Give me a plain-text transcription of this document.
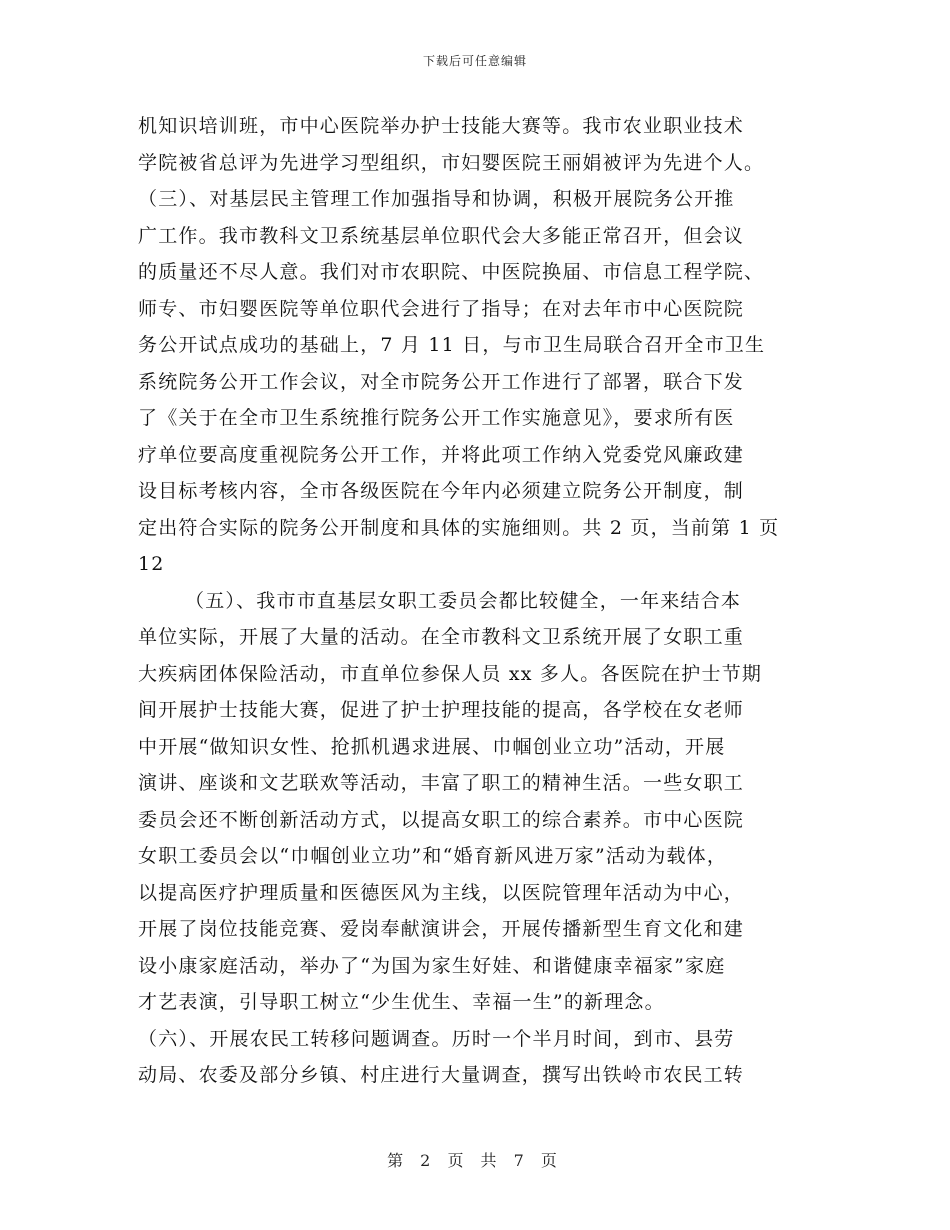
下载后可任意编辑
机知识培训班，市中心医院举办护士技能大赛等。我市农业职业技术
学院被省总评为先进学习型组织，市妇婴医院王丽娟被评为先进个人。
（三）、对基层民主管理工作加强指导和协调，积极开展院务公开推
广工作。我市教科文卫系统基层单位职代会大多能正常召开，但会议
的质量还不尽人意。我们对市农职院、中医院换届、市信息工程学院、
师专、市妇婴医院等单位职代会进行了指导；在对去年市中心医院院
务公开试点成功的基础上，7 月 11 日，与市卫生局联合召开全市卫生
系统院务公开工作会议，对全市院务公开工作进行了部署，联合下发
了《关于在全市卫生系统推行院务公开工作实施意见》，要求所有医
疗单位要高度重视院务公开工作，并将此项工作纳入党委党风廉政建
设目标考核内容，全市各级医院在今年内必须建立院务公开制度，制
定出符合实际的院务公开制度和具体的实施细则。共 2 页，当前第 1 页
12
（五）、我市市直基层女职工委员会都比较健全，一年来结合本
单位实际，开展了大量的活动。在全市教科文卫系统开展了女职工重
大疾病团体保险活动，市直单位参保人员 xx 多人。各医院在护士节期
间开展护士技能大赛，促进了护士护理技能的提高，各学校在女老师
中开展“做知识女性、抢抓机遇求进展、巾帼创业立功”活动，开展
演讲、座谈和文艺联欢等活动，丰富了职工的精神生活。一些女职工
委员会还不断创新活动方式，以提高女职工的综合素养。市中心医院
女职工委员会以“巾帼创业立功”和“婚育新风进万家”活动为载体，
以提高医疗护理质量和医德医风为主线，以医院管理年活动为中心，
开展了岗位技能竞赛、爱岗奉献演讲会，开展传播新型生育文化和建
设小康家庭活动，举办了“为国为家生好娃、和谐健康幸福家”家庭
才艺表演，引导职工树立“少生优生、幸福一生”的新理念。
（六）、开展农民工转移问题调查。历时一个半月时间，到市、县劳
动局、农委及部分乡镇、村庄进行大量调查，撰写出铁岭市农民工转
第 2 页 共 7 页
